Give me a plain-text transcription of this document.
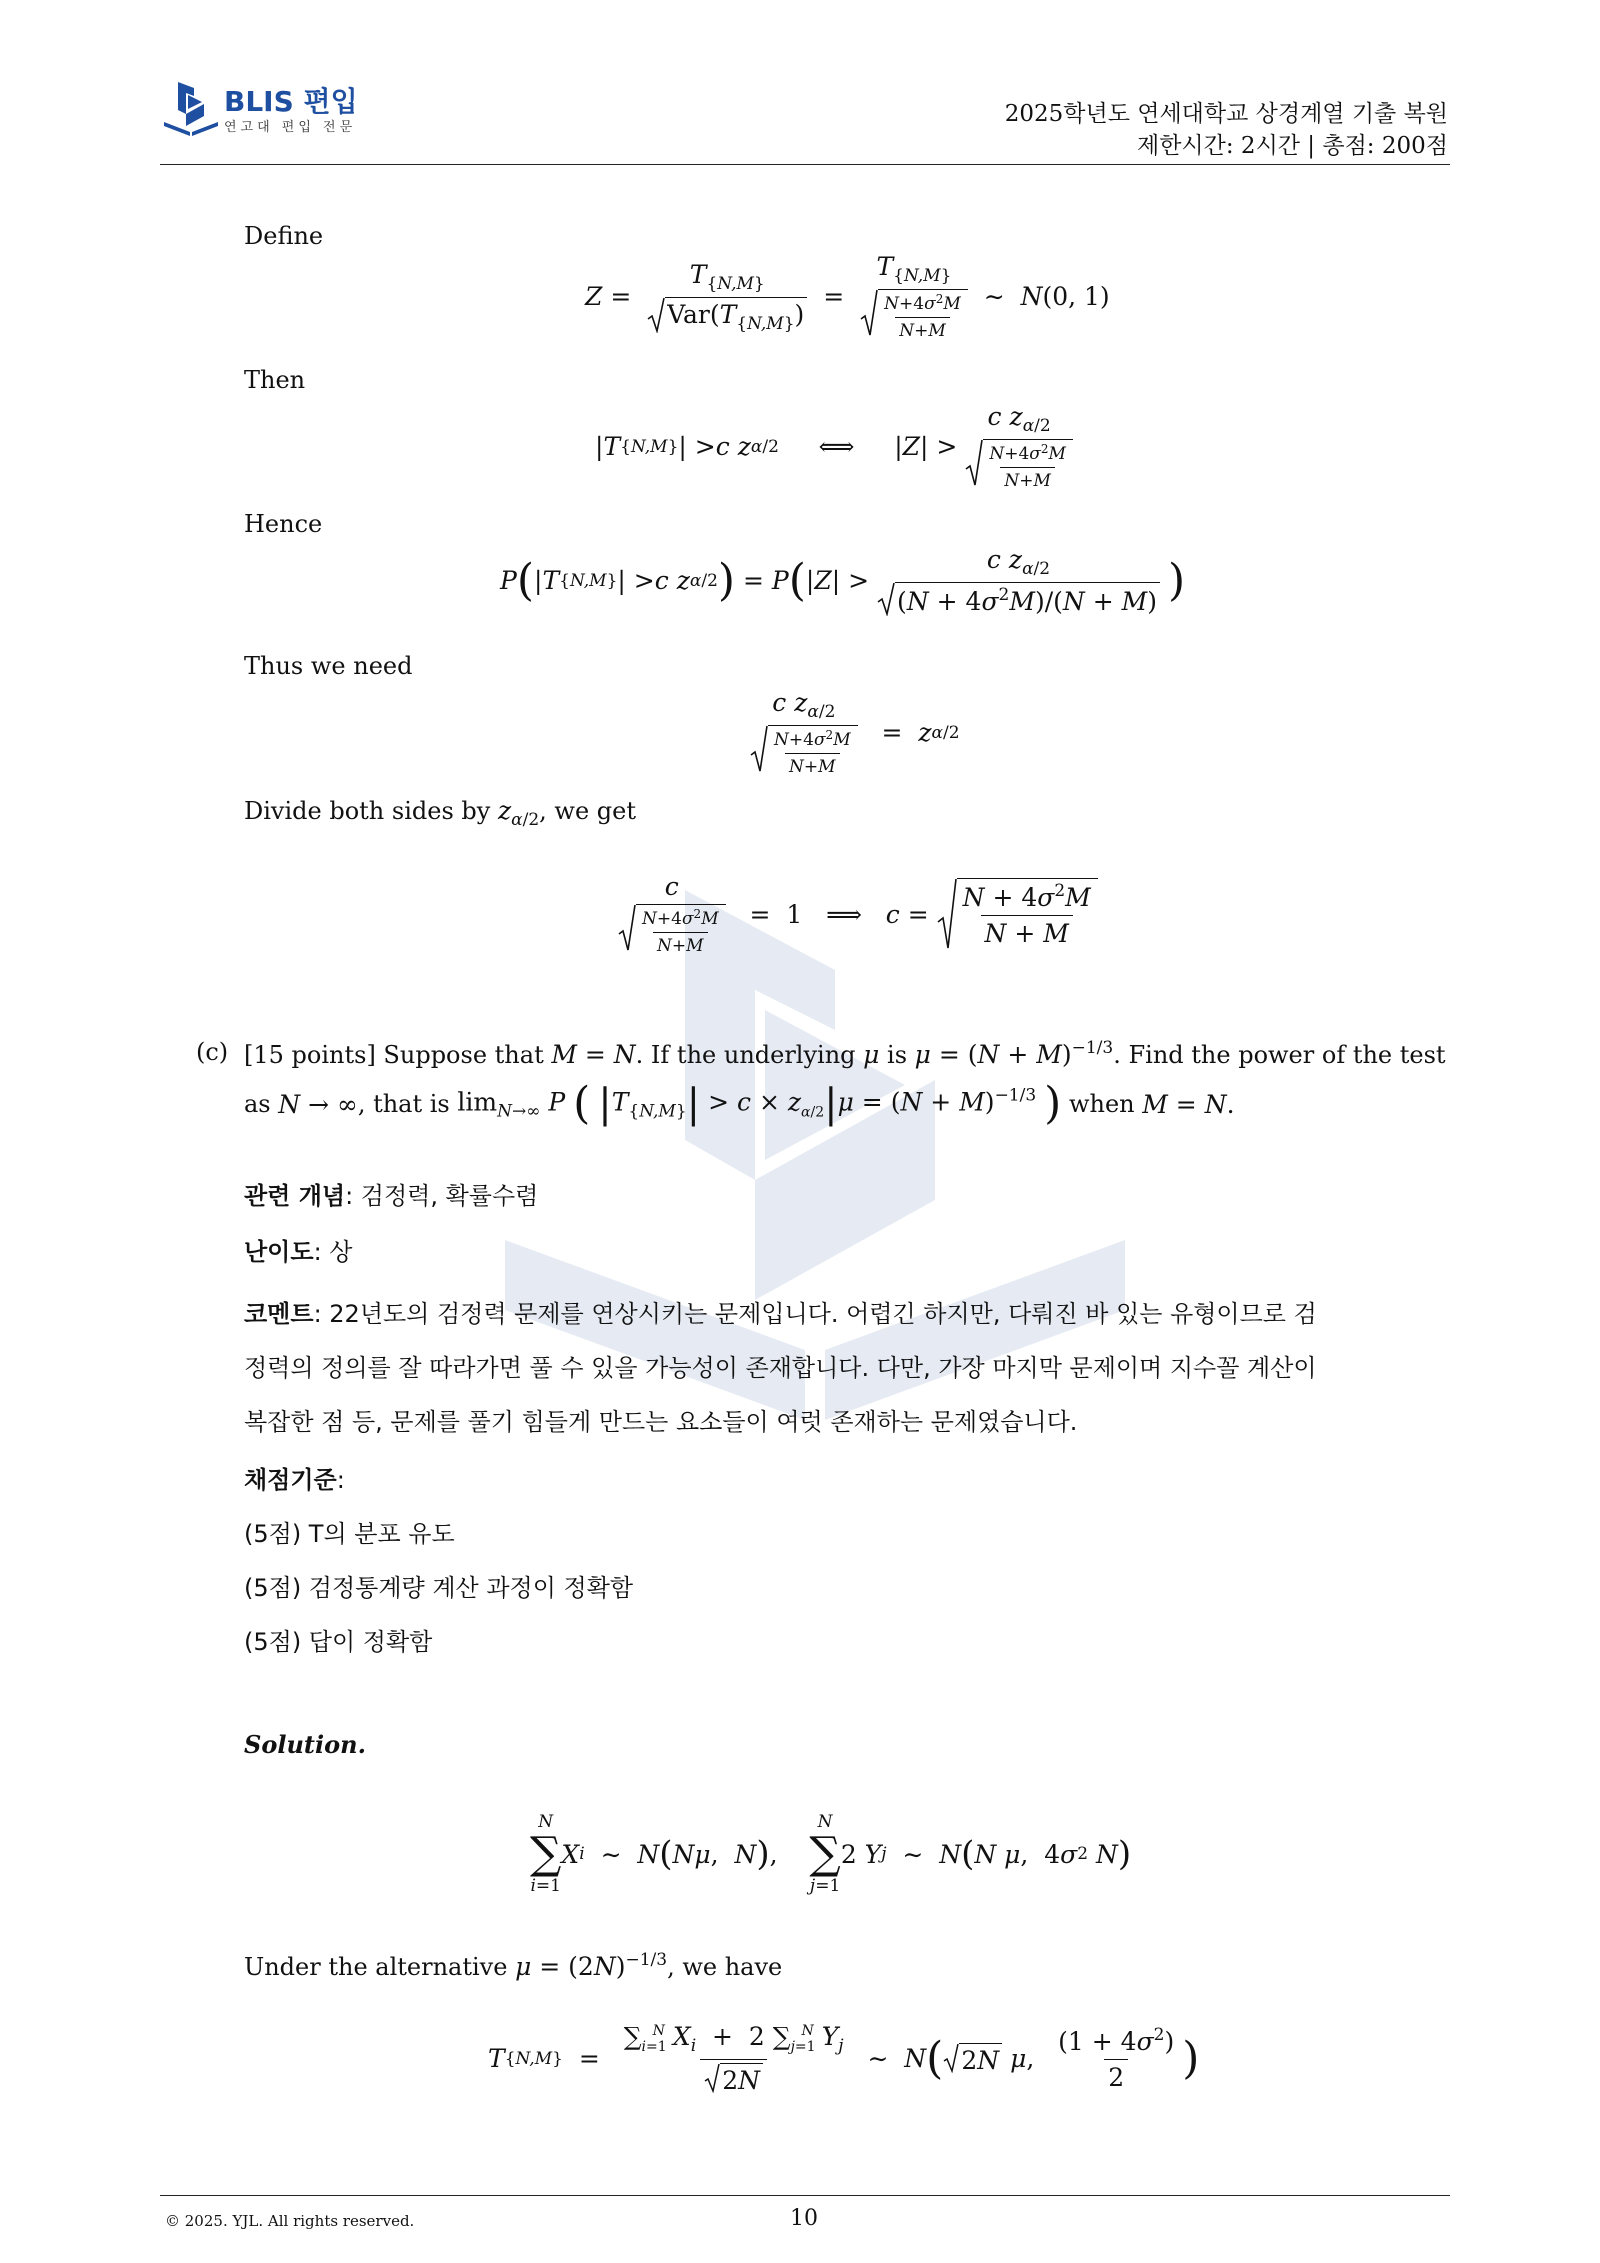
BLIS 편입
연고대 편입 전문
2025학년도 연세대학교 상경계열 기출 복원
제한시간: 2시간 | 총점: 200점
Define
Z =
$T_{\{N,M\}}$
$Var(T_{\{N,M\}})$
=
$T_{\{N,M\}}$
$\frac{N+4\sigma^2M}{N+M}$ ∼ N (0, 1)
Then
| T {N,M} | > c
z α/2 ⟺     | Z | >
c $z_{\alpha/2}$
$\frac{N+4\sigma^2M}{N+M}$
Hence
P ( | T {N,M} | > c
z α/2 ) = P ( | Z | >
c $z_{\alpha/2}$
$(N + 4\sigma^2M)/(N + M)$ )
Thus we need
c $z_{\alpha/2}$
$\frac{N+4\sigma^2M}{N+M} = z$ α/2
Divide both sides by $z_{\alpha/2}$, we get
c
$\frac{N+4\sigma^2M}{N+M} = 1$   ⟹ $c = \frac{N + 4\sigma^2M}{N + M}$
(c) [15 points] Suppose that M = N. If the underlying μ is $\mu = (N + M)^{-1/3}$. Find the power of the test
as
N → ∞ , that is
$\lim_{N\to\infty} P$ ( $|T_{\{N,M\}}| > c \times z_{\alpha/2}|\mu = (N + M)^{-1/3}$ )
when
M = N.
관련 개념: 검정력, 확률수렴
난이도: 상
코멘트: 22년도의 검정력 문제를 연상시키는 문제입니다. 어렵긴 하지만, 다뤄진 바 있는 유형이므로 검
정력의 정의를 잘 따라가면 풀 수 있을 가능성이 존재합니다. 다만, 가장 마지막 문제이며 지수꼴 계산이
복잡한 점 등, 문제를 풀기 힘들게 만드는 요소들이 여럿 존재하는 문제였습니다.
채점기준:
(5점) T의 분포 유도
(5점) 검정통계량 계산 과정이 정확함
(5점) 답이 정확함
Solution.
N
∑
i=1
X i ∼ N ( Nμ , N ) ,
N
∑
j=1
2 Y j ∼ N ( N
μ ,  4 σ 2
N )
Under the alternative $\mu = (2N)^{-1/3}$, we have
T $\{N,M\} = \frac{\sum_{i=1}^N X_i + 2 \sum_{j=1}^N Y_j}{2N}$ ∼ N ( 2N
μ , $\frac{(1 + 4\sigma^2)}{2}$ )
© 2025. YJL. All rights reserved.	10
